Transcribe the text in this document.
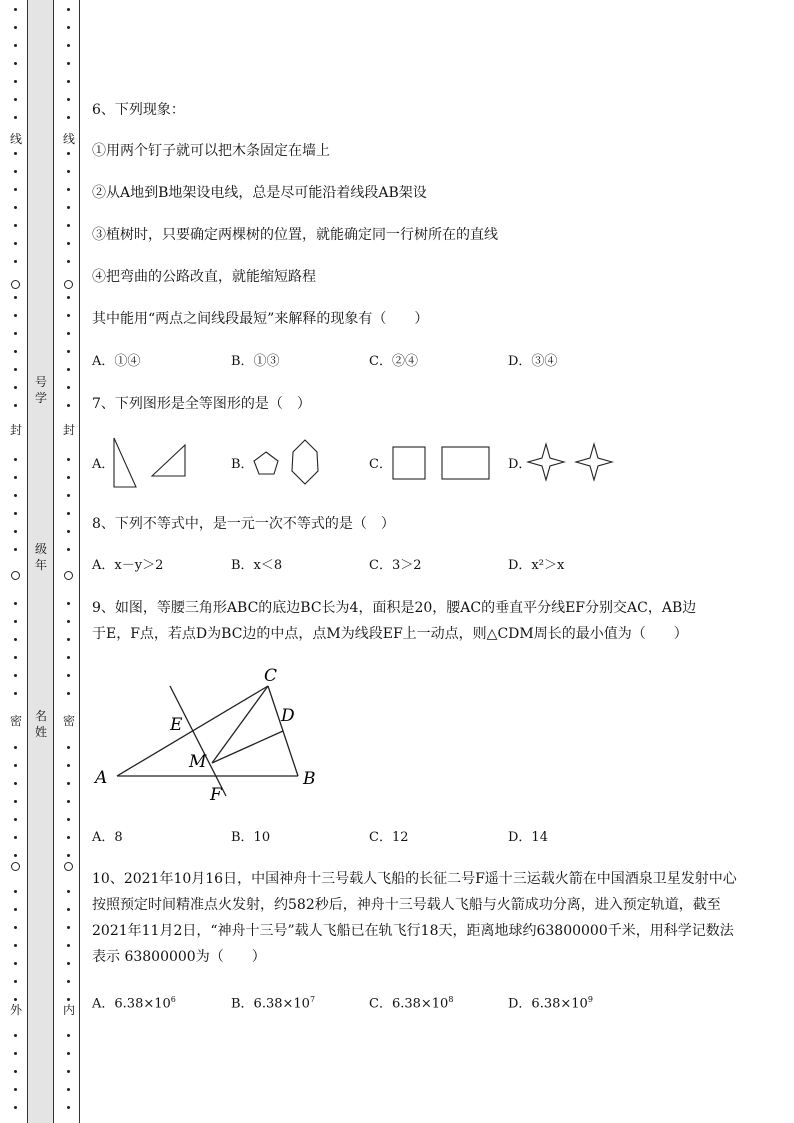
线
封
密
外
号学
级年
名姓
线
封
密
内
6、下列现象：
①用两个钉子就可以把木条固定在墙上
②从A地到B地架设电线，总是尽可能沿着线段AB架设
③植树时，只要确定两棵树的位置，就能确定同一行树所在的直线
④把弯曲的公路改直，就能缩短路程
其中能用“两点之间线段最短”来解释的现象有（　　）
A．①④	B．①③	C．②④	D．③④
7、下列图形是全等图形的是（　）
A．	B．	C．	D．
8、下列不等式中，是一元一次不等式的是（　）
A．x－y＞2	B．x＜8	C．3＞2	D．x²＞x
9、如图，等腰三角形ABC的底边BC长为4，面积是20，腰AC的垂直平分线EF分别交AC，AB边
于E，F点，若点D为BC边的中点，点M为线段EF上一动点，则△CDM周长的最小值为（　　）
A	B
C
D
E
F
M
A．8	B．10	C．12	D．14
10、2021年10月16日，中国神舟十三号载人飞船的长征二号F遥十三运载火箭在中国酒泉卫星发射中心按照预定时间精准点火发射，约582秒后，神舟十三号载人飞船与火箭成功分离，进入预定轨道，截至 2021年11月2日，“神舟十三号”载人飞船已在轨飞行18天，距离地球约63800000千米，用科学记数法表示 63800000为（　　）
A．$6.38\times 10^6$	B．$6.38\times 10^7$	C．$6.38\times 10^8$	D．$6.38\times 10^9$
